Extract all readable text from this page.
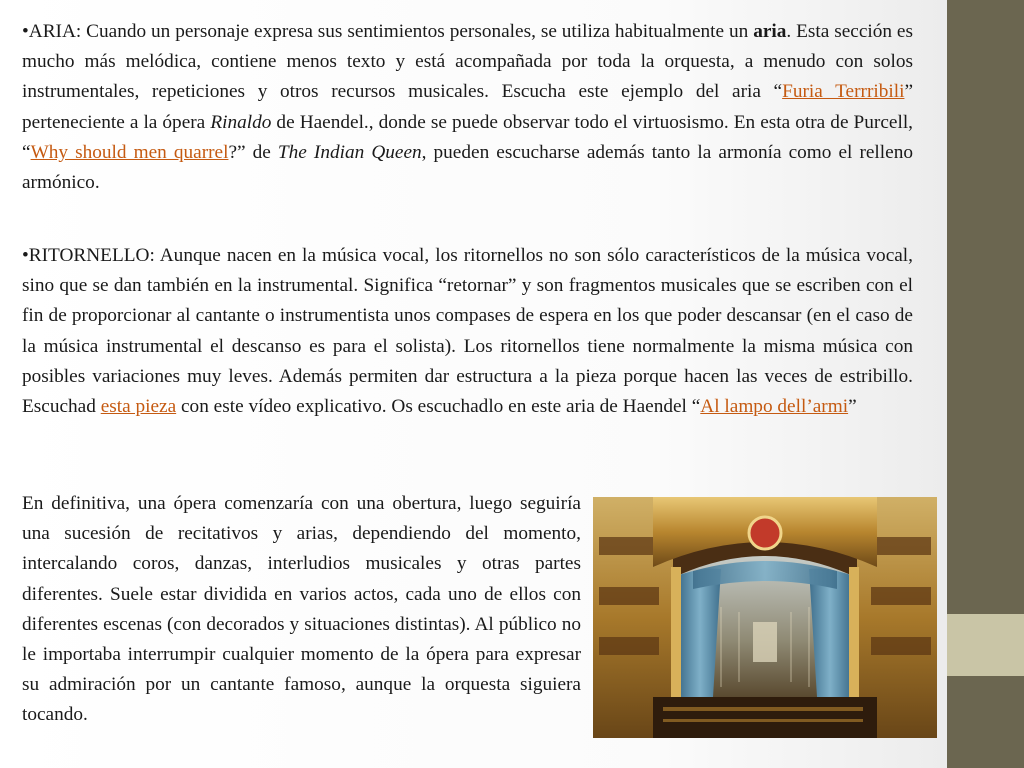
•ARIA: Cuando un personaje expresa sus sentimientos personales, se utiliza habitualmente un aria. Esta sección es mucho más melódica, contiene menos texto y está acompañada por toda la orquesta, a menudo con solos instrumentales, repeticiones y otros recursos musicales. Escucha este ejemplo del aria “Furia Terrribili” perteneciente a la ópera Rinaldo de Haendel., donde se puede observar todo el virtuosismo. En esta otra de Purcell, “Why should men quarrel?” de The Indian Queen, pueden escucharse además tanto la armonía como el relleno armónico.

•RITORNELLO: Aunque nacen en la música vocal, los ritornellos no son sólo característicos de la música vocal, sino que se dan también en la instrumental. Significa “retornar” y son fragmentos musicales que se escriben con el fin de proporcionar al cantante o instrumentista unos compases de espera en los que poder descansar (en el caso de la música instrumental el descanso es para el solista). Los ritornellos tiene normalmente la misma música con posibles variaciones muy leves. Además permiten dar estructura a la pieza porque hacen las veces de estribillo. Escuchad esta pieza con este vídeo explicativo. Os escuchadlo en este aria de Haendel “Al lampo dell’armi”

En definitiva, una ópera comenzaría con una obertura, luego seguiría una sucesión de recitativos y arias, dependiendo del momento, intercalando coros, danzas, interludios musicales y otras partes diferentes. Suele estar dividida en varios actos, cada uno de ellos con diferentes escenas (con decorados y situaciones distintas). Al público no le importaba interrumpir cualquier momento de la ópera para expresar su admiración por un cantante famoso, aunque la orquesta siguiera tocando.
